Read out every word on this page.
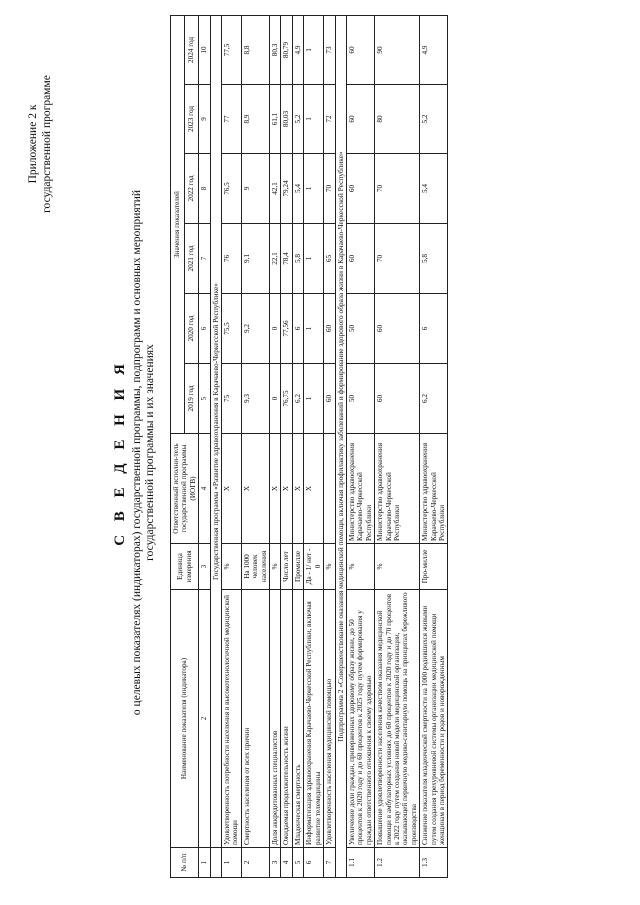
Приложение 2 к государственной программе
С В Е Д Е Н И Я о целевых показателях (индикаторах) государственной программы, подпрограмм и основных мероприятий государственной программы и их значениях
№ п/п	Наименование показателя (индикатора)	Единица измерения	Ответственный исполни-тель государственной программы (ИОГВ)	Значения показателей					
				2019 год	2020 год	2021 год	2022 год	2023 год	2024 год
1	2	3	4	5	6	7	8	9	10
	Государственная программа «Развитие здравоохранения в Карачаево-Черкесской Республике»								
1	Удовлетворенность потребности населения в высокотехнологичной медицинской помощи	%	X	75	75,5	76	76,5	77	77,5
2	Смертность населения от всех причин	На 1000 человек населения	X	9,3	9,2	9,1	9	8,9	8,8
3	Доля аккредитованных специалистов	%	X	0	0	22,1	42,1	61,1	80,3
4	Ожидаемая продолжительность жизни	Число лет	X	76,75	77,56	78,4	79,24	80,03	80,79
5	Младенческая смертность	Промилле	X	6,2	6	5,8	5,4	5,2	4,9
6	Информатизация здравоохранения Карачаево-Черкесской Республики, включая развитие телемедицины	Да - 1/ нет - 0	X	1	1	1	1	1	1
7	Удовлетворенность населения медицинской помощью	%		60	60	65	70	72	73
Подпрограмма 2 «Совершенствование оказания медицинской помощи, включая профилактику заболеваний и формирование здорового образа жизни в Карачаево-Черкесской Республике»									
1.1	Увеличение доли граждан, приверженных здоровому образу жизни, до 50 процентов к 2020 году и до 60 процентов к 2025 году путем формирования у граждан ответственного отношения к своему здоровью	%	Министерство здравоохранения Карачаево-Черкесской Республики	50	50	60	60	60	60
1.2	Повышение удовлетворенности населения качеством оказания медицинской помощи в амбулаторных условиях до 60 процентов к 2020 году и до 70 процентов к 2022 году путем создания новой модели медицинской организации, оказывающей первичную медико-санитарную помощь на принципах бережливого производства	%	Министерство здравоохранения Карачаево-Черкесской Республики	60	60	70	70	80	90
1.3	Снижение показателя младенческой смертности на 1000 родившихся живыми путем создания трехуровневой системы организации медицинской помощи женщинам в период беременности и родов и новорожденным	Про-милле	Министерство здравоохранения Карачаево-Черкесской Республики	6,2	6	5,8	5,4	5,2	4,9
